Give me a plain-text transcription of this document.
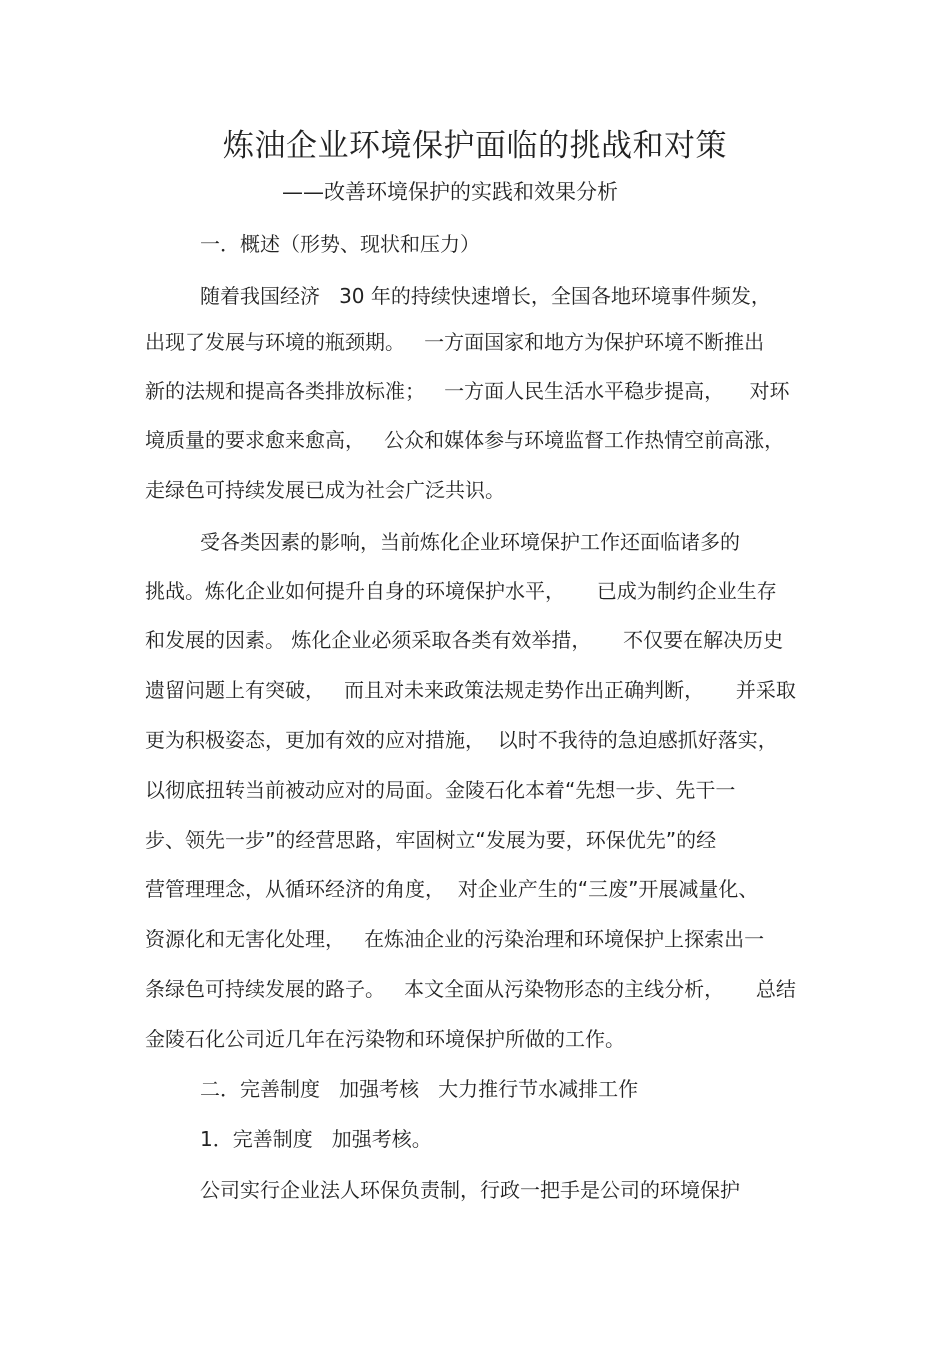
炼油企业环境保护面临的挑战和对策

——改善环境保护的实践和效果分析

一．概述（形势、现状和压力）

随着我国经济   30 年的持续快速增长，全国各地环境事件频发，

出现了发展与环境的瓶颈期。   一方面国家和地方为保护环境不断推出

新的法规和提高各类排放标准；   一方面人民生活水平稳步提高，    对环

境质量的要求愈来愈高，   公众和媒体参与环境监督工作热情空前高涨，

走绿色可持续发展已成为社会广泛共识。

受各类因素的影响，当前炼化企业环境保护工作还面临诸多的

挑战。炼化企业如何提升自身的环境保护水平，     已成为制约企业生存

和发展的因素。 炼化企业必须采取各类有效举措，     不仅要在解决历史

遗留问题上有突破，   而且对未来政策法规走势作出正确判断，     并采取

更为积极姿态，更加有效的应对措施，  以时不我待的急迫感抓好落实，

以彻底扭转当前被动应对的局面。金陵石化本着“先想一步、先干一

步、领先一步”的经营思路，牢固树立“发展为要，环保优先”的经

营管理理念，从循环经济的角度，  对企业产生的“三废”开展减量化、

资源化和无害化处理，   在炼油企业的污染治理和环境保护上探索出一

条绿色可持续发展的路子。   本文全面从污染物形态的主线分析，     总结

金陵石化公司近几年在污染物和环境保护所做的工作。

二．完善制度   加强考核   大力推行节水减排工作

1．完善制度   加强考核。

公司实行企业法人环保负责制，行政一把手是公司的环境保护
